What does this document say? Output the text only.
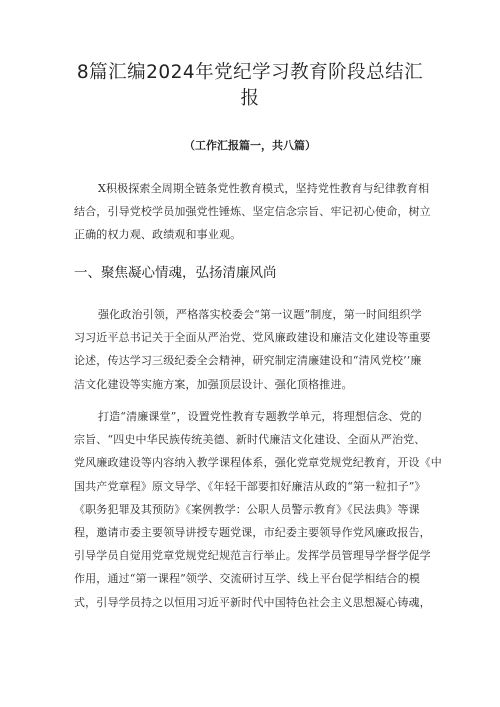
8篇汇编2024年党纪学习教育阶段总结汇
报
（工作汇报篇一，共八篇）
X积极探索全周期全链条党性教育模式，坚持党性教育与纪律教育相
结合，引导党校学员加强党性锤炼、坚定信念宗旨、牢记初心使命，树立
正确的权力观、政绩观和事业观。
一、聚焦凝心情魂，弘扬清廉风尚
强化政治引领，严格落实校委会“第一议题”制度，第一时间组织学
习习近平总书记关于全面从严治党、党风廉政建设和廉洁文化建设等重要
论述，传达学习三级纪委全会精神，研究制定清廉建设和“清风党校’’廉
洁文化建设等实施方案，加强顶层设计、强化顶格推进。
打造“清廉课堂”，设置党性教育专题教学单元，将理想信念、党的
宗旨、“四史中华民族传统美德、新时代廉洁文化建设、全面从严治党、
党风廉政建设等内容纳入教学课程体系，强化党章党规党纪教育，开设《中
国共产党章程》原文导学、《年轻干部要扣好廉洁从政的“第一粒扣子”》
《职务犯罪及其预防》《案例教学：公职人员警示教育》《民法典》等课
程，邀请市委主要领导讲授专题党课，市纪委主要领导作党风廉政报告，
引导学员自觉用党章党规党纪规范言行举止。发挥学员管理导学督学促学
作用，通过“第一课程”领学、交流研讨互学、线上平台促学相结合的模
式，引导学员持之以恒用习近平新时代中国特色社会主义思想凝心铸魂，
